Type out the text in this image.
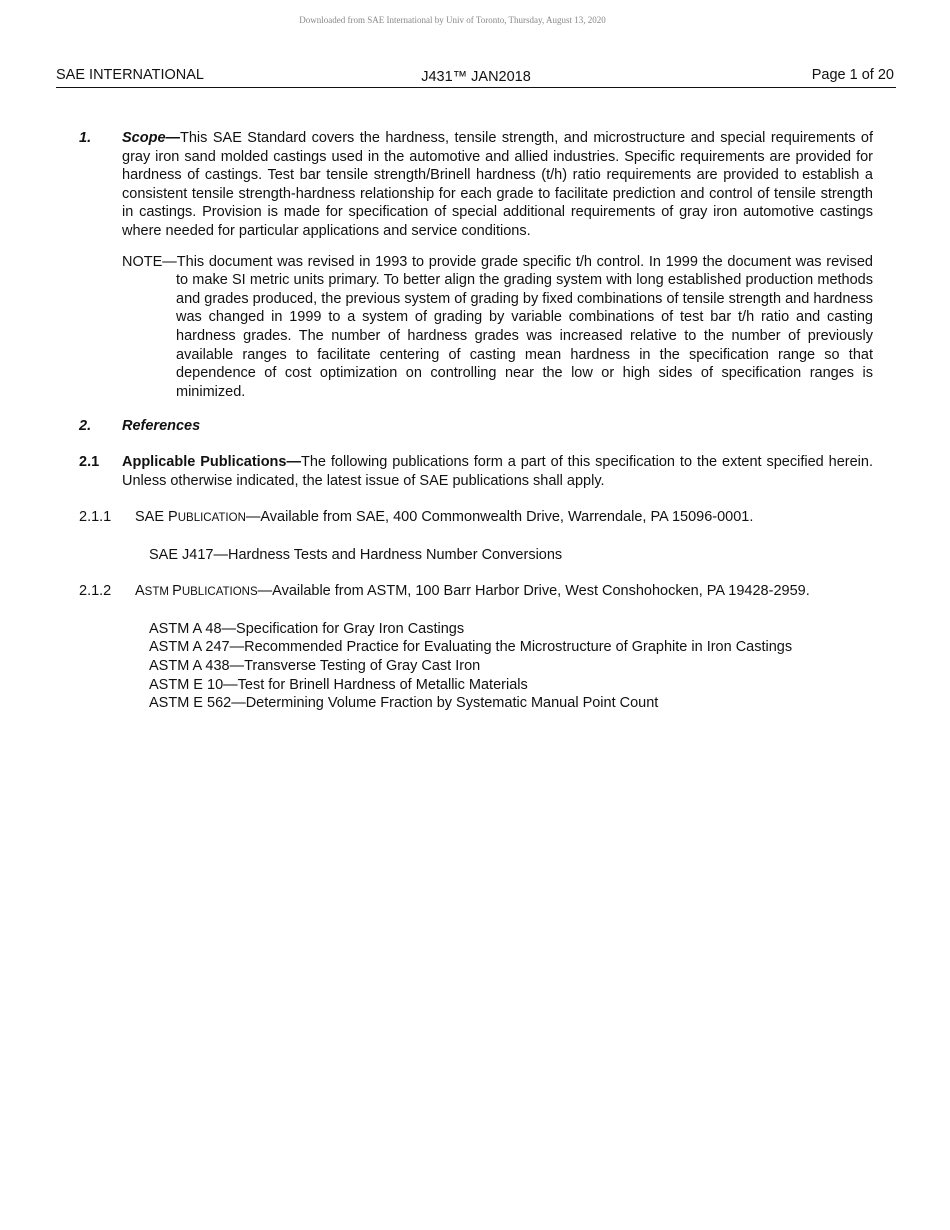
Downloaded from SAE International by Univ of Toronto, Thursday, August 13, 2020
SAE INTERNATIONAL	J431™ JAN2018	Page 1 of 20
1. Scope—This SAE Standard covers the hardness, tensile strength, and microstructure and special requirements of gray iron sand molded castings used in the automotive and allied industries. Specific requirements are provided for hardness of castings. Test bar tensile strength/Brinell hardness (t/h) ratio requirements are provided to establish a consistent tensile strength-hardness relationship for each grade to facilitate prediction and control of tensile strength in castings. Provision is made for specification of special additional requirements of gray iron automotive castings where needed for particular applications and service conditions.
NOTE—This document was revised in 1993 to provide grade specific t/h control. In 1999 the document was revised to make SI metric units primary. To better align the grading system with long established production methods and grades produced, the previous system of grading by fixed combinations of tensile strength and hardness was changed in 1999 to a system of grading by variable combinations of test bar t/h ratio and casting hardness grades. The number of hardness grades was increased relative to the number of previously available ranges to facilitate centering of casting mean hardness in the specification range so that dependence of cost optimization on controlling near the low or high sides of specification ranges is minimized.
2. References
2.1 Applicable Publications—The following publications form a part of this specification to the extent specified herein. Unless otherwise indicated, the latest issue of SAE publications shall apply.
2.1.1 SAE PUBLICATION—Available from SAE, 400 Commonwealth Drive, Warrendale, PA 15096-0001.
SAE J417—Hardness Tests and Hardness Number Conversions
2.1.2 ASTM PUBLICATIONS—Available from ASTM, 100 Barr Harbor Drive, West Conshohocken, PA 19428-2959.
ASTM A 48—Specification for Gray Iron Castings
ASTM A 247—Recommended Practice for Evaluating the Microstructure of Graphite in Iron Castings
ASTM A 438—Transverse Testing of Gray Cast Iron
ASTM E 10—Test for Brinell Hardness of Metallic Materials
ASTM E 562—Determining Volume Fraction by Systematic Manual Point Count
